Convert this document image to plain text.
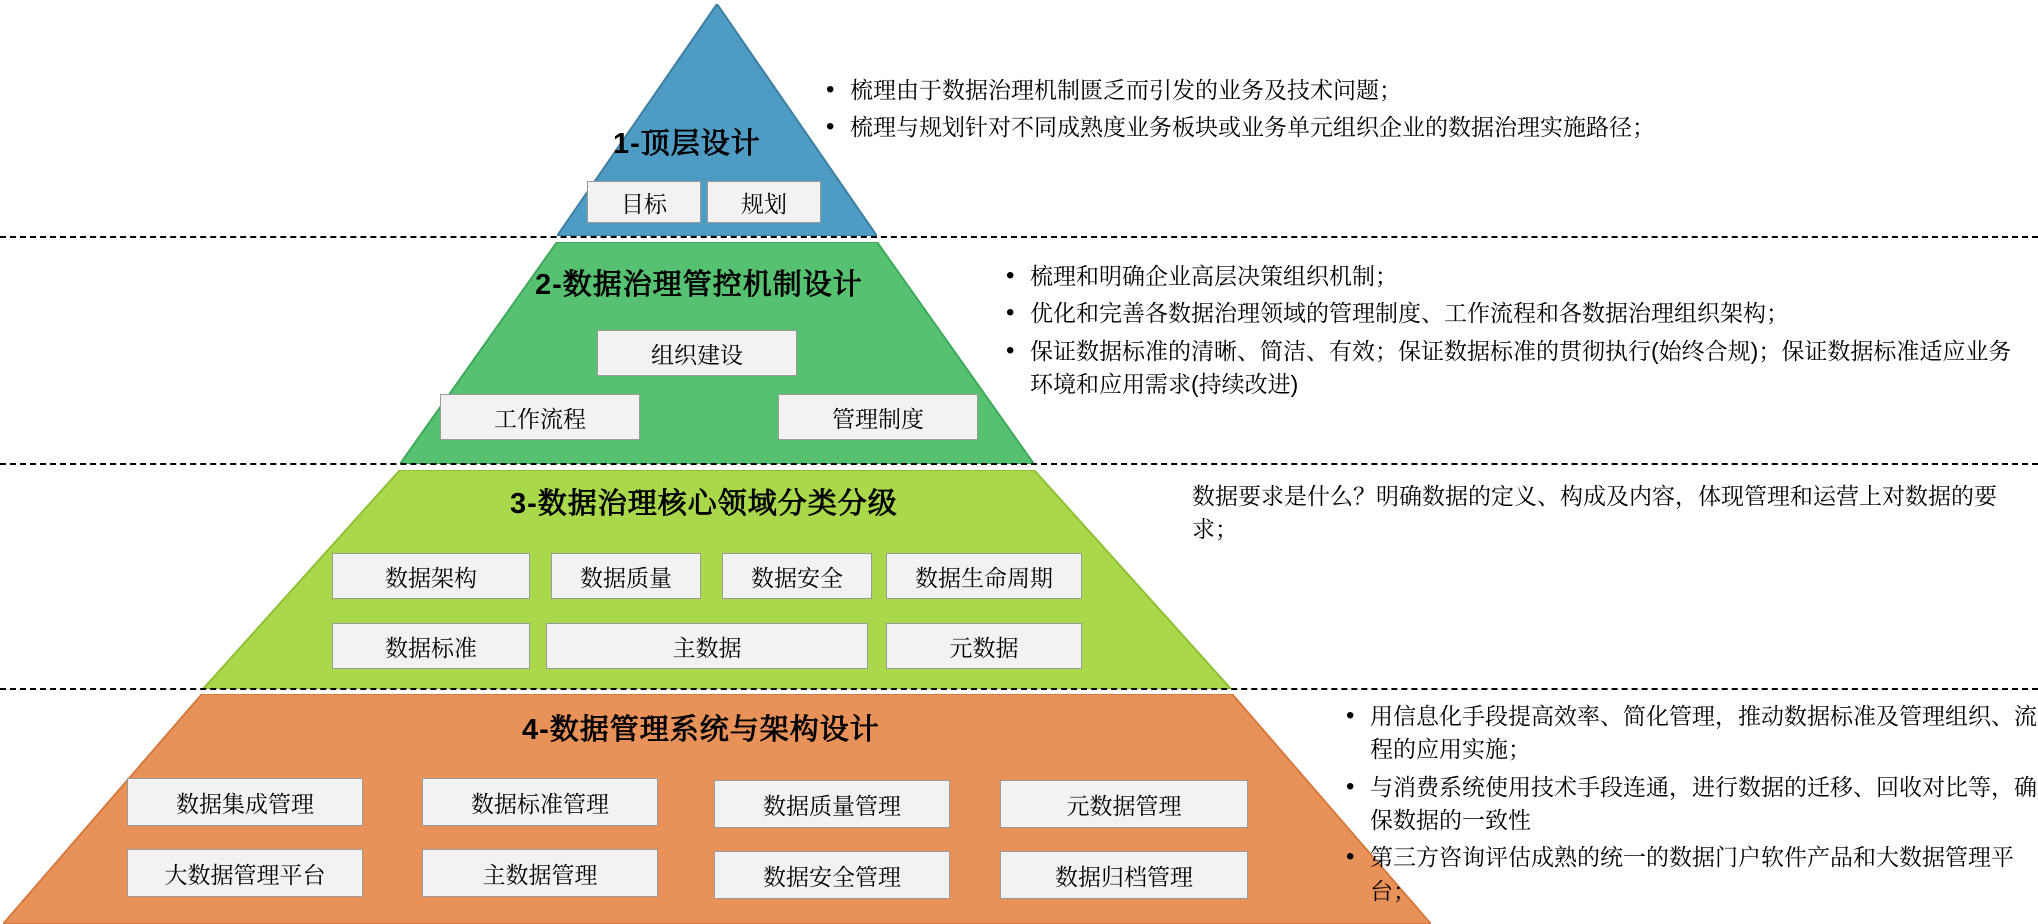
1-顶层设计
目标	规划
2-数据治理管控机制设计
组织建设
工作流程	管理制度
3-数据治理核心领域分类分级
数据架构	数据质量	数据安全	数据生命周期
数据标准	主数据	元数据
4-数据管理系统与架构设计
数据集成管理	数据标准管理	数据质量管理	元数据管理
大数据管理平台	主数据管理	数据安全管理	数据归档管理
• 梳理由于数据治理机制匮乏而引发的业务及技术问题；
• 梳理与规划针对不同成熟度业务板块或业务单元组织企业的数据治理实施路径；
• 梳理和明确企业高层决策组织机制；
• 优化和完善各数据治理领域的管理制度、工作流程和各数据治理组织架构；
• 保证数据标准的清晰、简洁、有效；保证数据标准的贯彻执行(始终合规)；保证数据标准适应业务环境和应用需求(持续改进)
数据要求是什么？明确数据的定义、构成及内容，体现管理和运营上对数据的要求；
• 用信息化手段提高效率、简化管理，推动数据标准及管理组织、流程的应用实施；
• 与消费系统使用技术手段连通，进行数据的迁移、回收对比等，确保数据的一致性
• 第三方咨询评估成熟的统一的数据门户软件产品和大数据管理平台；
